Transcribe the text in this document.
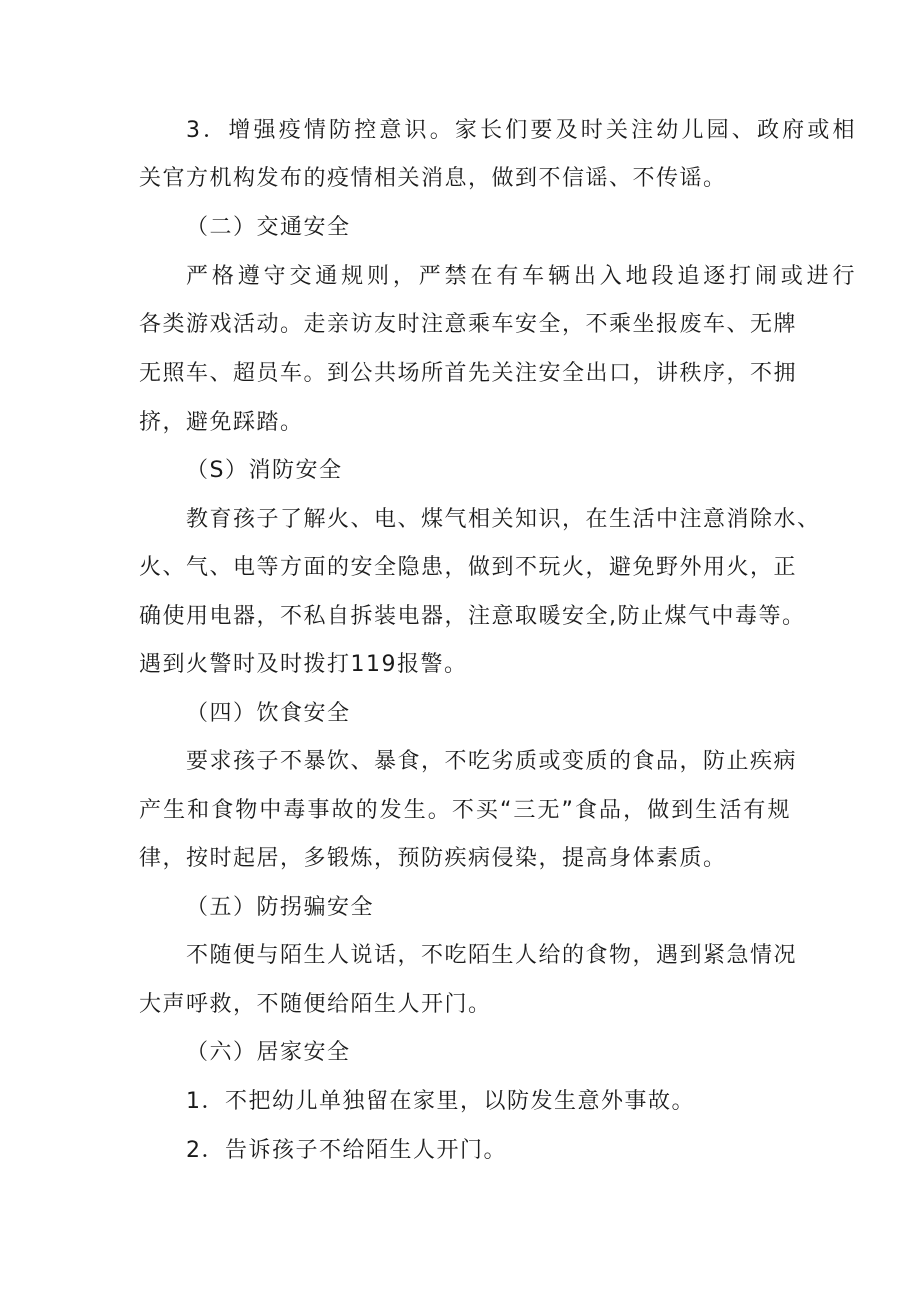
3．增强疫情防控意识。家长们要及时关注幼儿园、政府或相
关官方机构发布的疫情相关消息，做到不信谣、不传谣。
（二）交通安全
严格遵守交通规则，严禁在有车辆出入地段追逐打闹或进行
各类游戏活动。走亲访友时注意乘车安全，不乘坐报废车、无牌
无照车、超员车。到公共场所首先关注安全出口，讲秩序，不拥
挤，避免踩踏。
（S）消防安全
教育孩子了解火、电、煤气相关知识，在生活中注意消除水、
火、气、电等方面的安全隐患，做到不玩火，避免野外用火，正
确使用电器，不私自拆装电器，注意取暖安全,防止煤气中毒等。
遇到火警时及时拨打119报警。
（四）饮食安全
要求孩子不暴饮、暴食，不吃劣质或变质的食品，防止疾病
产生和食物中毒事故的发生。不买“三无”食品，做到生活有规
律，按时起居，多锻炼，预防疾病侵染，提高身体素质。
（五）防拐骗安全
不随便与陌生人说话，不吃陌生人给的食物，遇到紧急情况
大声呼救，不随便给陌生人开门。
（六）居家安全
1．不把幼儿单独留在家里，以防发生意外事故。
2．告诉孩子不给陌生人开门。
